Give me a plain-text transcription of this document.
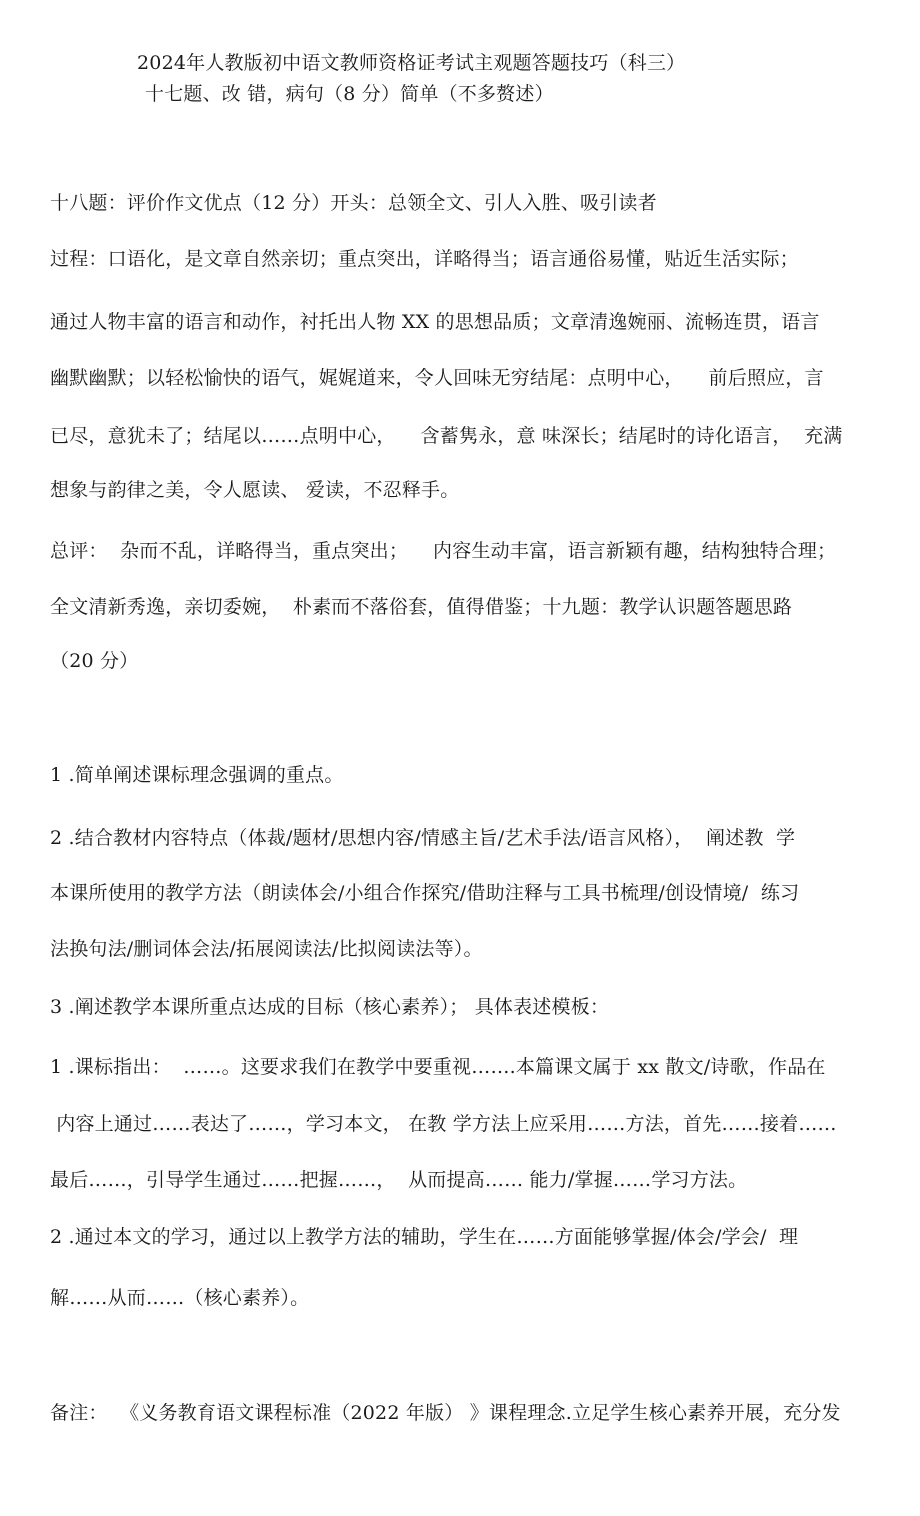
2024年人教版初中语文教师资格证考试主观题答题技巧（科三）
十七题、改 错，病句（8 分）简单（不多赘述）
十八题：评价作文优点（12 分）开头：总领全文、引人入胜、吸引读者
过程：口语化，是文章自然亲切；重点突出，详略得当；语言通俗易懂，贴近生活实际；
通过人物丰富的语言和动作，衬托出人物 XX 的思想品质；文章清逸婉丽、流畅连贯，语言
幽默幽默；以轻松愉快的语气，娓娓道来，令人回味无穷结尾：点明中心，    前后照应，言
已尽，意犹未了；结尾以……点明中心，    含蓄隽永，意 味深长；结尾时的诗化语言，  充满
想象与韵律之美，令人愿读、 爱读，不忍释手。
总评：  杂而不乱，详略得当，重点突出；    内容生动丰富，语言新颖有趣，结构独特合理；
全文清新秀逸，亲切委婉，  朴素而不落俗套，值得借鉴；十九题：教学认识题答题思路
（20 分）
1 .简单阐述课标理念强调的重点。
2 .结合教材内容特点（体裁/题材/思想内容/情感主旨/艺术手法/语言风格），  阐述教  学
本课所使用的教学方法（朗读体会/小组合作探究/借助注释与工具书梳理/创设情境/  练习
法换句法/删词体会法/拓展阅读法/比拟阅读法等）。
3 .阐述教学本课所重点达成的目标（核心素养）； 具体表述模板：
1 .课标指出：  ……。这要求我们在教学中要重视…….本篇课文属于 xx 散文/诗歌，作品在
内容上通过……表达了……，学习本文， 在教 学方法上应采用……方法，首先……接着……
最后……，引导学生通过……把握……，  从而提高…… 能力/掌握……学习方法。
2 .通过本文的学习，通过以上教学方法的辅助，学生在……方面能够掌握/体会/学会/  理
解……从而……（核心素养）。
备注：  《义务教育语文课程标准（2022 年版） 》课程理念.立足学生核心素养开展，充分发
